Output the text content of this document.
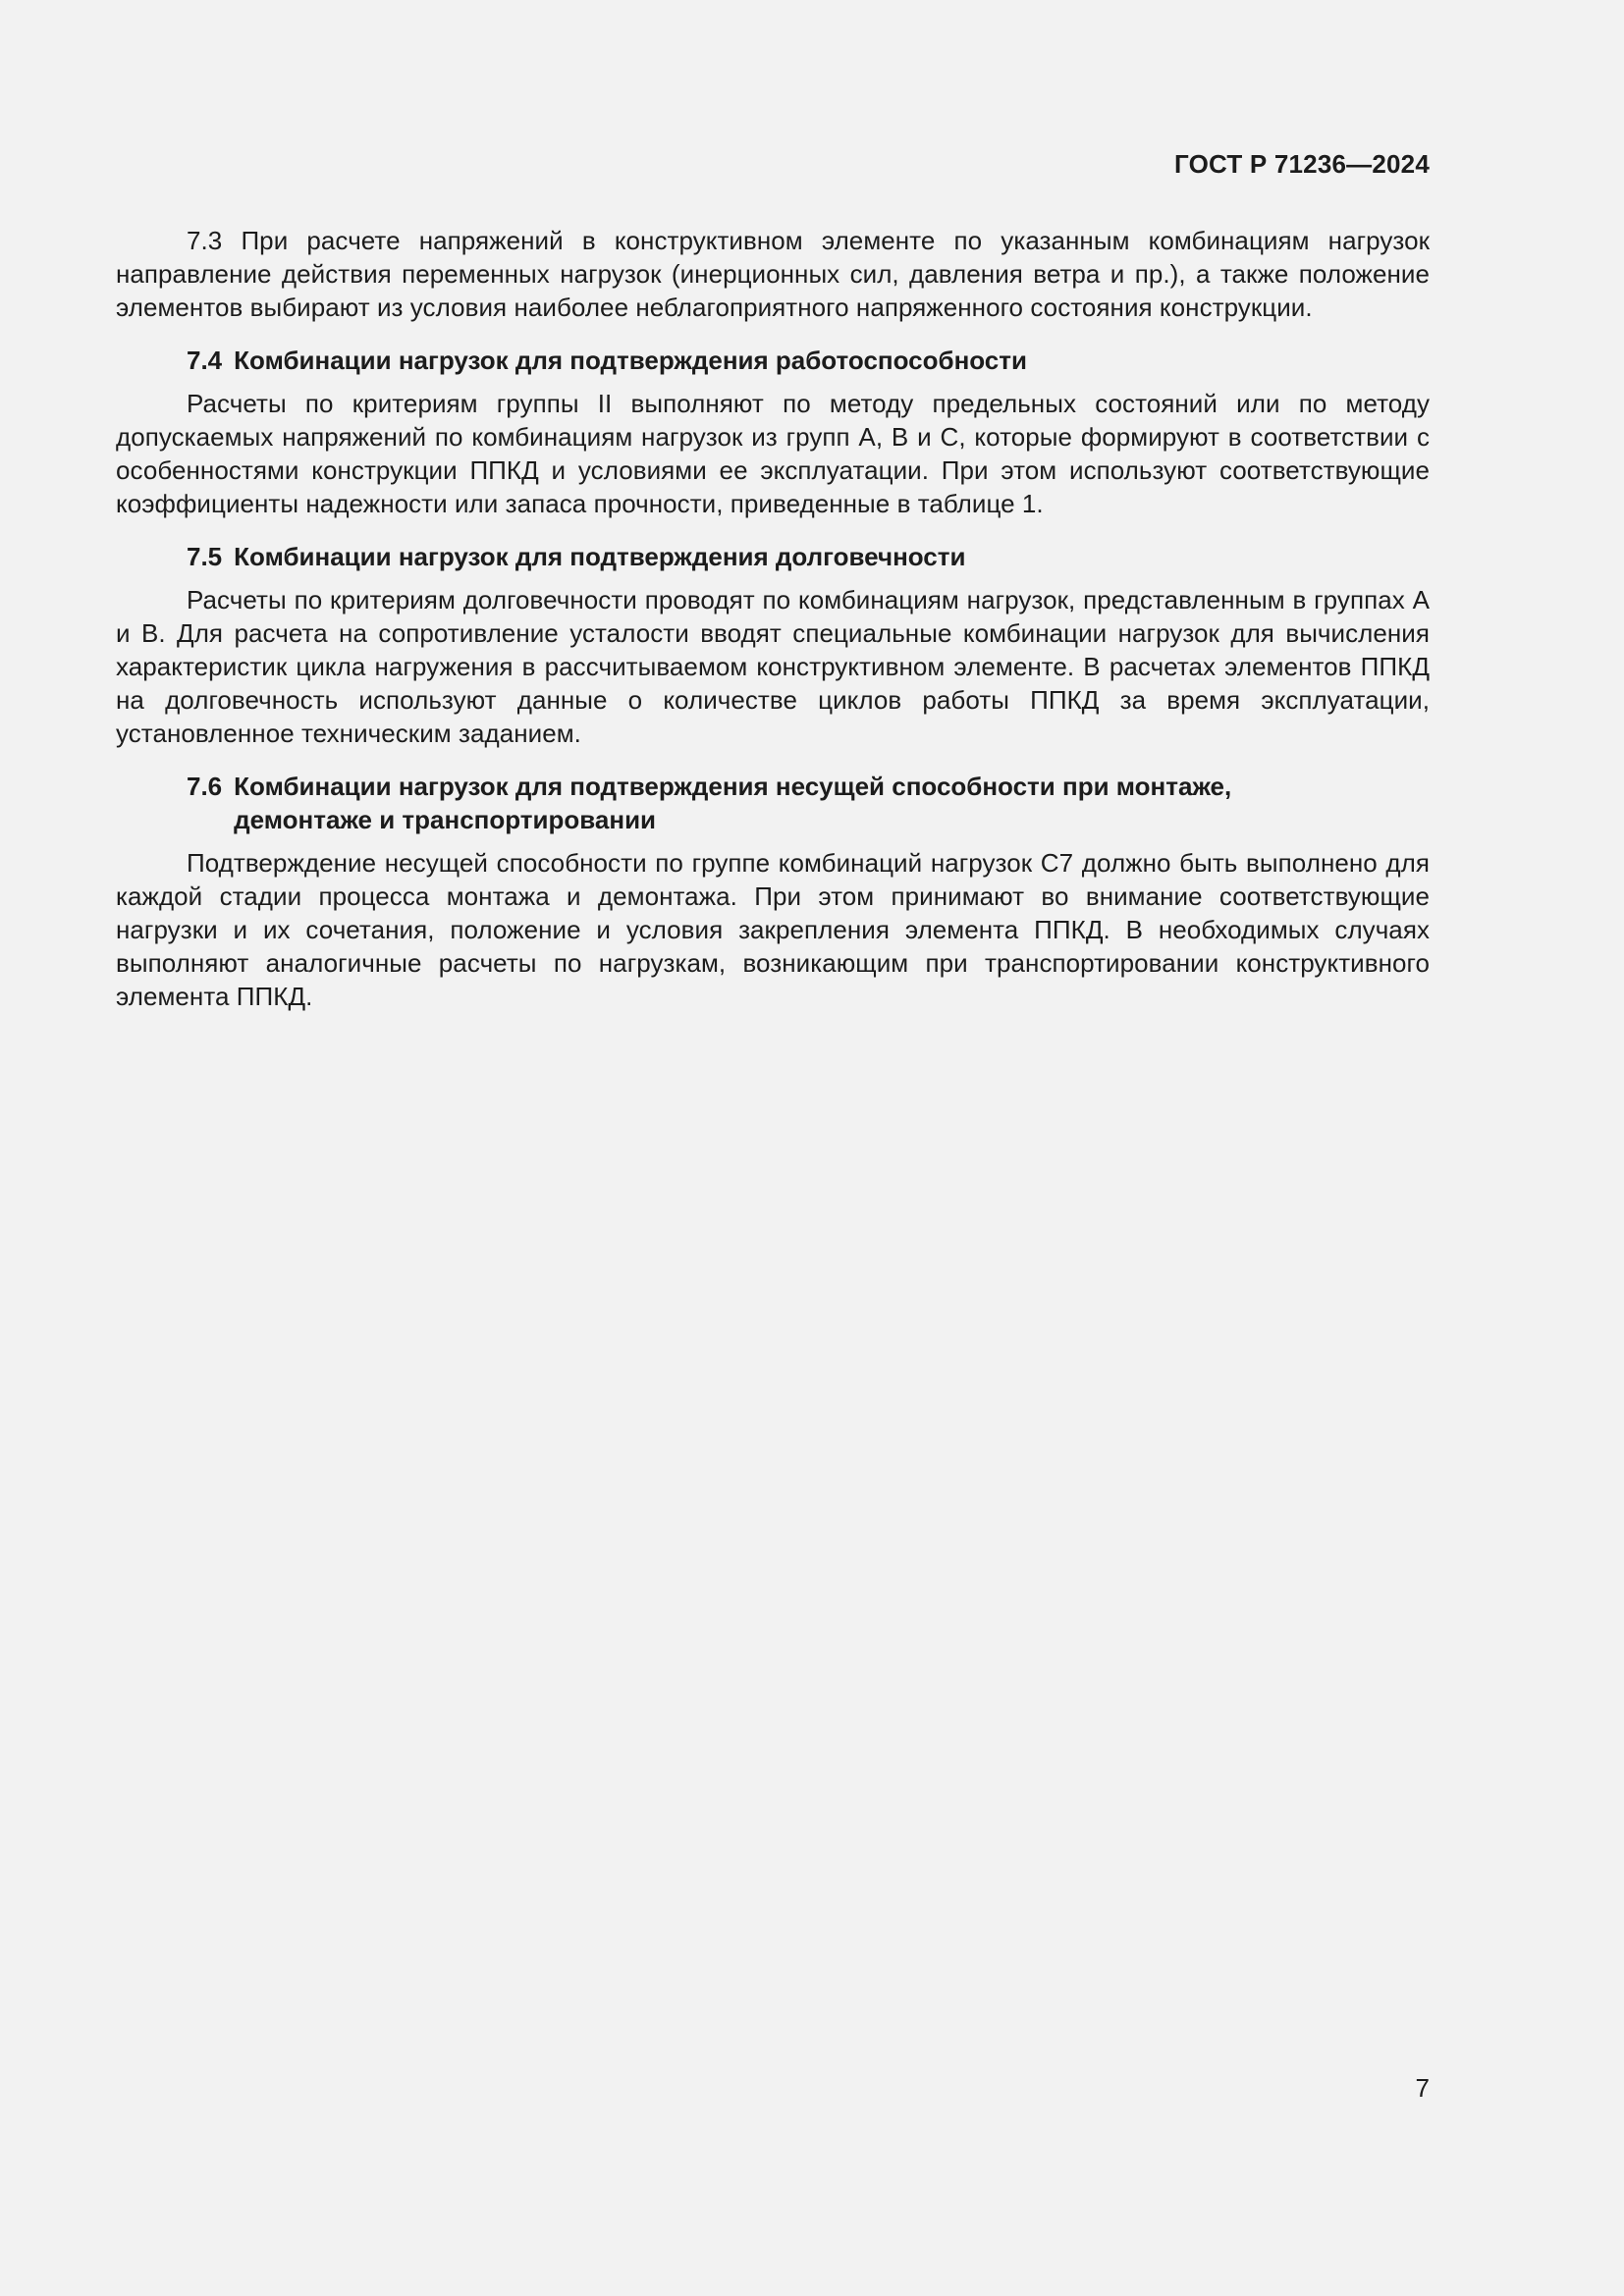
ГОСТ Р 71236—2024

7.3 При расчете напряжений в конструктивном элементе по указанным комбинациям нагрузок направление действия переменных нагрузок (инерционных сил, давления ветра и пр.), а также положение элементов выбирают из условия наиболее неблагоприятного напряженного состояния конструкции.

7.4 Комбинации нагрузок для подтверждения работоспособности

Расчеты по критериям группы II выполняют по методу предельных состояний или по методу допускаемых напряжений по комбинациям нагрузок из групп А, В и С, которые формируют в соответствии с особенностями конструкции ППКД и условиями ее эксплуатации. При этом используют соответствующие коэффициенты надежности или запаса прочности, приведенные в таблице 1.

7.5 Комбинации нагрузок для подтверждения долговечности

Расчеты по критериям долговечности проводят по комбинациям нагрузок, представленным в группах А и В. Для расчета на сопротивление усталости вводят специальные комбинации нагрузок для вычисления характеристик цикла нагружения в рассчитываемом конструктивном элементе. В расчетах элементов ППКД на долговечность используют данные о количестве циклов работы ППКД за время эксплуатации, установленное техническим заданием.

7.6 Комбинации нагрузок для подтверждения несущей способности при монтаже, демонтаже и транспортировании

Подтверждение несущей способности по группе комбинаций нагрузок С7 должно быть выполнено для каждой стадии процесса монтажа и демонтажа. При этом принимают во внимание соответствующие нагрузки и их сочетания, положение и условия закрепления элемента ППКД. В необходимых случаях выполняют аналогичные расчеты по нагрузкам, возникающим при транспортировании конструктивного элемента ППКД.

7
